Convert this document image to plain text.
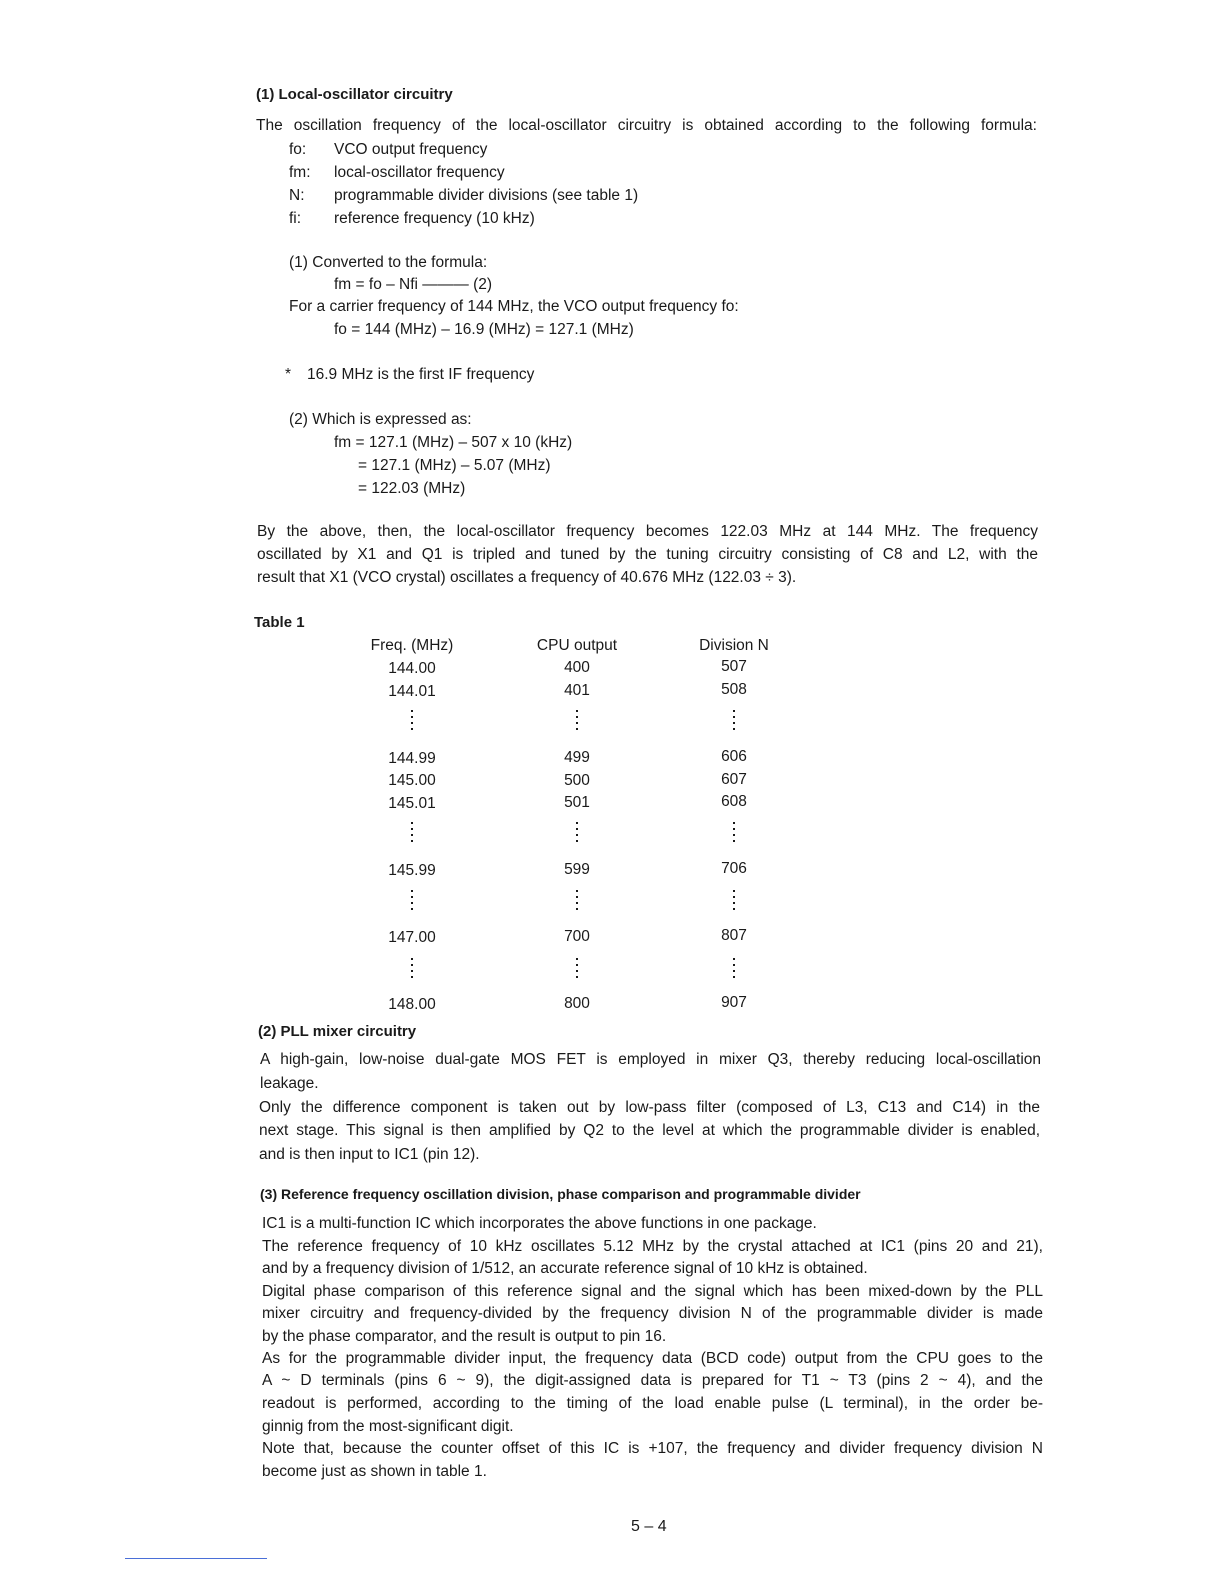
(1) Local-oscillator circuitry
The oscillation frequency of the local-oscillator circuitry is obtained according to the following formula:
fo: VCO output frequency
fm: local-oscillator frequency
N: programmable divider divisions (see table 1)
fi: reference frequency (10 kHz)
(1) Converted to the formula:
fm = fo – Nfi ——— (2)
For a carrier frequency of 144 MHz, the VCO output frequency fo:
fo = 144 (MHz) – 16.9 (MHz) = 127.1 (MHz)
* 16.9 MHz is the first IF frequency
(2) Which is expressed as:
fm = 127.1 (MHz) – 507 x 10 (kHz)
= 127.1 (MHz) – 5.07 (MHz)
= 122.03 (MHz)
By the above, then, the local-oscillator frequency becomes 122.03 MHz at 144 MHz. The frequency
oscillated by X1 and Q1 is tripled and tuned by the tuning circuitry consisting of C8 and L2, with the
result that X1 (VCO crystal) oscillates a frequency of 40.676 MHz (122.03 ÷ 3).
Table 1
Freq. (MHz)	CPU output	Division N
144.00	400	507
144.01	401	508
144.99	499	606
145.00	500	607
145.01	501	608
145.99	599	706
147.00	700	807
148.00	800	907
(2) PLL mixer circuitry
A high-gain, low-noise dual-gate MOS FET is employed in mixer Q3, thereby reducing local-oscillation
leakage.
Only the difference component is taken out by low-pass filter (composed of L3, C13 and C14) in the
next stage. This signal is then amplified by Q2 to the level at which the programmable divider is enabled,
and is then input to IC1 (pin 12).
(3) Reference frequency oscillation division, phase comparison and programmable divider
IC1 is a multi-function IC which incorporates the above functions in one package.
The reference frequency of 10 kHz oscillates 5.12 MHz by the crystal attached at IC1 (pins 20 and 21),
and by a frequency division of 1/512, an accurate reference signal of 10 kHz is obtained.
Digital phase comparison of this reference signal and the signal which has been mixed-down by the PLL
mixer circuitry and frequency-divided by the frequency division N of the programmable divider is made
by the phase comparator, and the result is output to pin 16.
As for the programmable divider input, the frequency data (BCD code) output from the CPU goes to the
A ~ D terminals (pins 6 ~ 9), the digit-assigned data is prepared for T1 ~ T3 (pins 2 ~ 4), and the
readout is performed, according to the timing of the load enable pulse (L terminal), in the order be-
ginnig from the most-significant digit.
Note that, because the counter offset of this IC is +107, the frequency and divider frequency division N
become just as shown in table 1.
5 – 4
